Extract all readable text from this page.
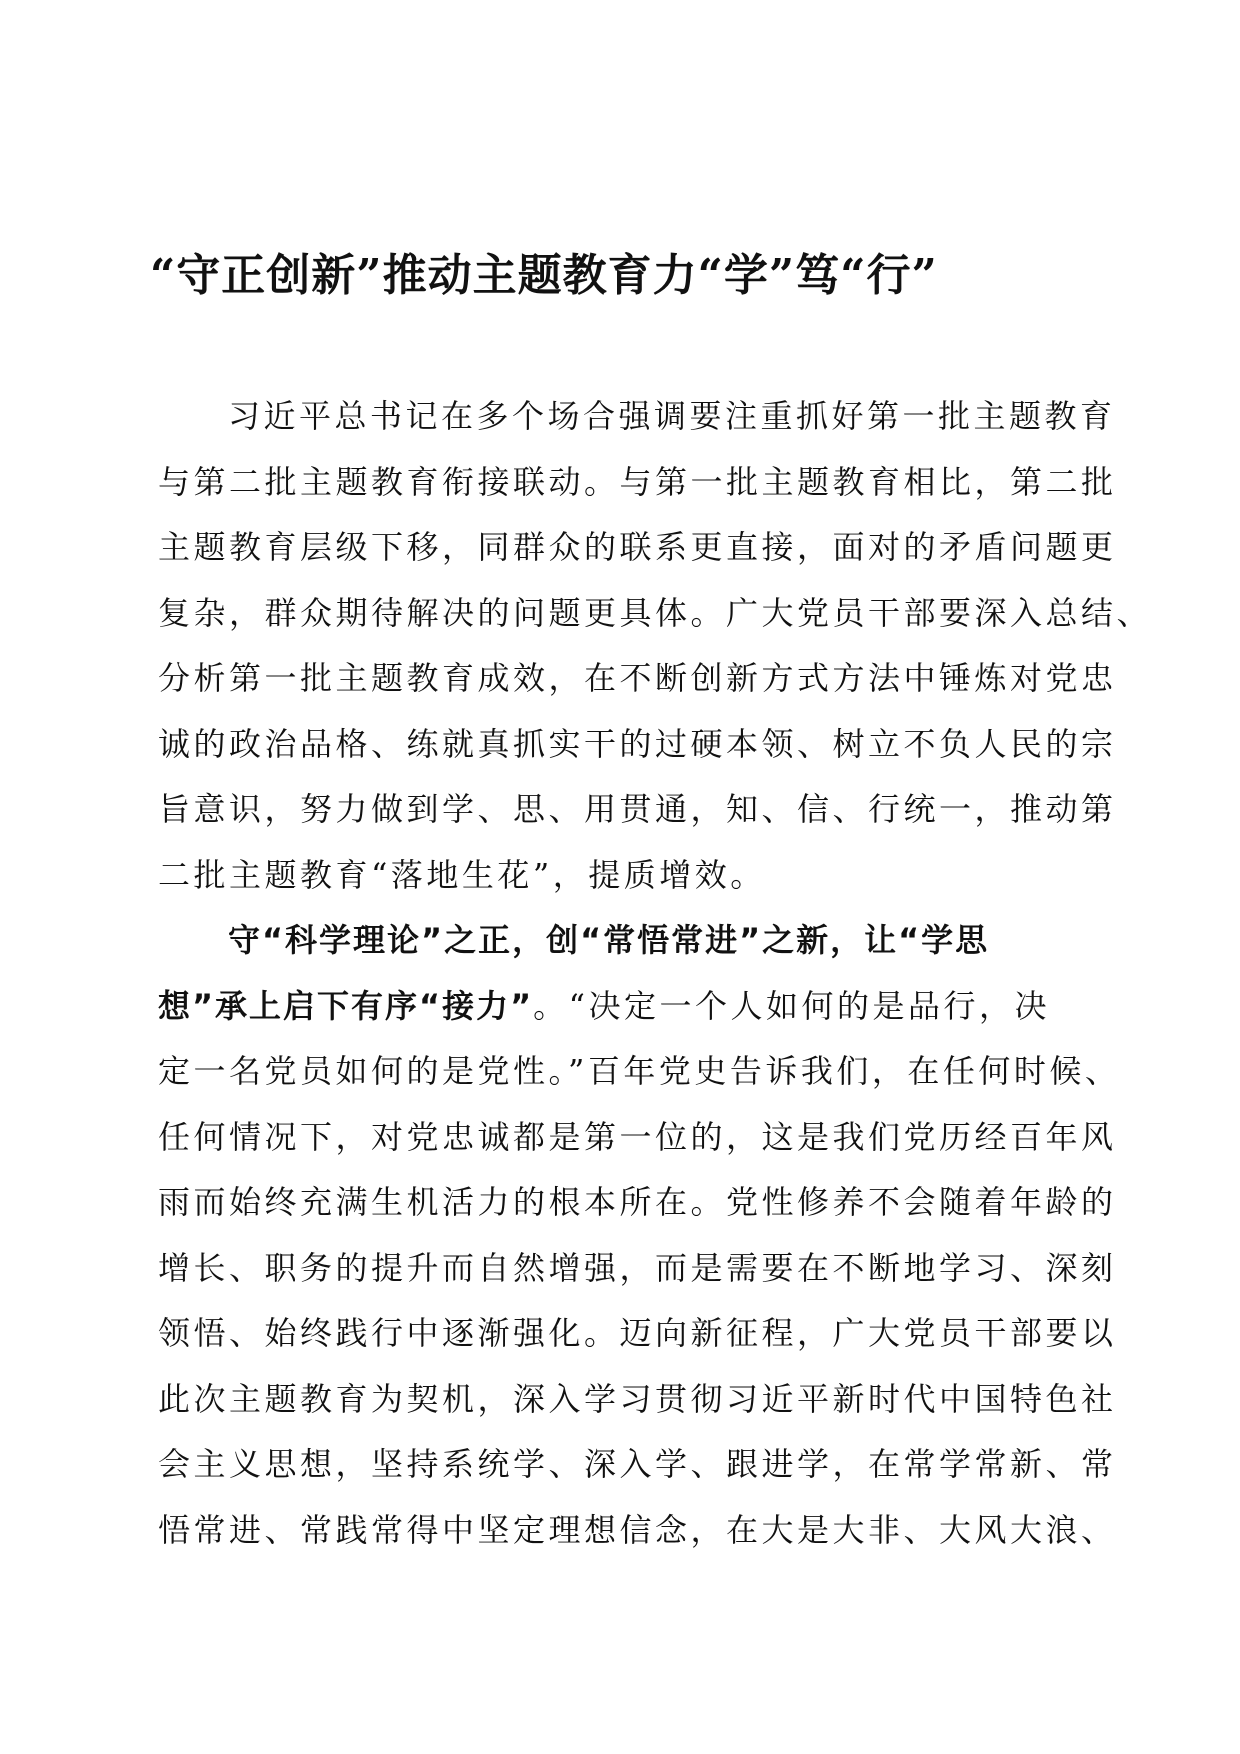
“守正创新”推动主题教育力“学”笃“行”
习近平总书记在多个场合强调要注重抓好第一批主题教育
与第二批主题教育衔接联动。与第一批主题教育相比，第二批
主题教育层级下移，同群众的联系更直接，面对的矛盾问题更
复杂，群众期待解决的问题更具体。广大党员干部要深入总结、
分析第一批主题教育成效，在不断创新方式方法中锤炼对党忠
诚的政治品格、练就真抓实干的过硬本领、树立不负人民的宗
旨意识，努力做到学、思、用贯通，知、信、行统一，推动第
二批主题教育“落地生花”，提质增效。
守“科学理论”之正，创“常悟常进”之新，让“学思
想”承上启下有序“接力”。“决定一个人如何的是品行，决
定一名党员如何的是党性。”百年党史告诉我们，在任何时候、
任何情况下，对党忠诚都是第一位的，这是我们党历经百年风
雨而始终充满生机活力的根本所在。党性修养不会随着年龄的
增长、职务的提升而自然增强，而是需要在不断地学习、深刻
领悟、始终践行中逐渐强化。迈向新征程，广大党员干部要以
此次主题教育为契机，深入学习贯彻习近平新时代中国特色社
会主义思想，坚持系统学、深入学、跟进学，在常学常新、常
悟常进、常践常得中坚定理想信念，在大是大非、大风大浪、
